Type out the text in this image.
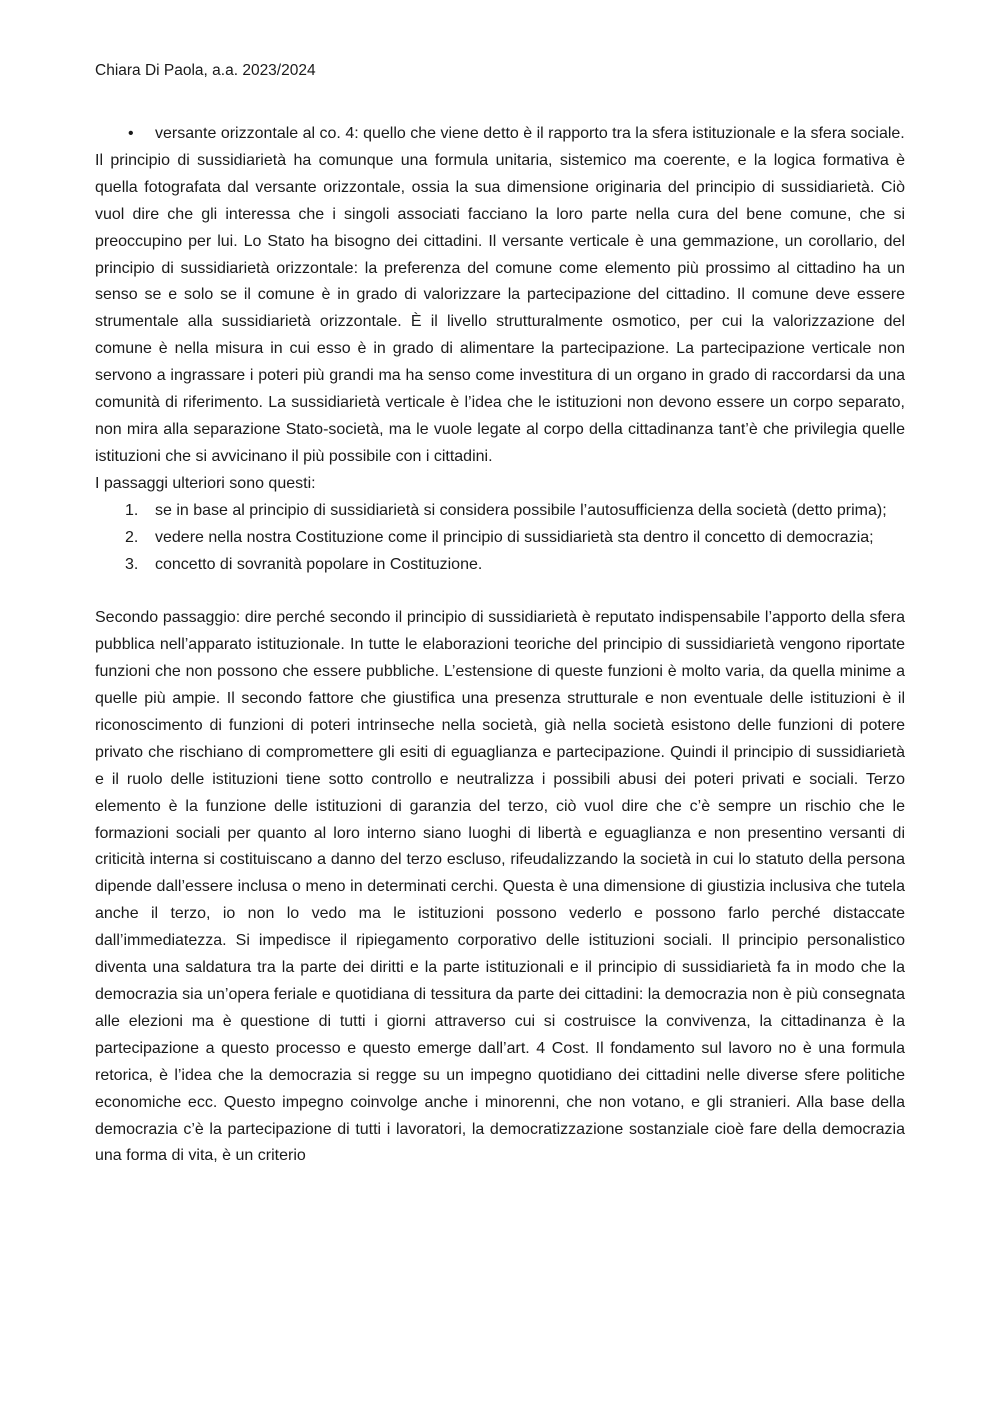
Chiara Di Paola, a.a. 2023/2024
• versante orizzontale al co. 4: quello che viene detto è il rapporto tra la sfera istituzionale e la sfera sociale.

Il principio di sussidiarietà ha comunque una formula unitaria, sistemico ma coerente, e la logica formativa è quella fotografata dal versante orizzontale, ossia la sua dimensione originaria del principio di sussidiarietà. Ciò vuol dire che gli interessa che i singoli associati facciano la loro parte nella cura del bene comune, che si preoccupino per lui. Lo Stato ha bisogno dei cittadini. Il versante verticale è una gemmazione, un corollario, del principio di sussidiarietà orizzontale: la preferenza del comune come elemento più prossimo al cittadino ha un senso se e solo se il comune è in grado di valorizzare la partecipazione del cittadino. Il comune deve essere strumentale alla sussidiarietà orizzontale. È il livello strutturalmente osmotico, per cui la valorizzazione del comune è nella misura in cui esso è in grado di alimentare la partecipazione. La partecipazione verticale non servono a ingrassare i poteri più grandi ma ha senso come investitura di un organo in grado di raccordarsi da una comunità di riferimento. La sussidiarietà verticale è l’idea che le istituzioni non devono essere un corpo separato, non mira alla separazione Stato-società, ma le vuole legate al corpo della cittadinanza tant’è che privilegia quelle istituzioni che si avvicinano il più possibile con i cittadini.

I passaggi ulteriori sono questi:

1. se in base al principio di sussidiarietà si considera possibile l’autosufficienza della società (detto prima);
2. vedere nella nostra Costituzione come il principio di sussidiarietà sta dentro il concetto di democrazia;
3. concetto di sovranità popolare in Costituzione.

Secondo passaggio: dire perché secondo il principio di sussidiarietà è reputato indispensabile l’apporto della sfera pubblica nell’apparato istituzionale. In tutte le elaborazioni teoriche del principio di sussidiarietà vengono riportate funzioni che non possono che essere pubbliche. L’estensione di queste funzioni è molto varia, da quella minime a quelle più ampie. Il secondo fattore che giustifica una presenza strutturale e non eventuale delle istituzioni è il riconoscimento di funzioni di poteri intrinseche nella società, già nella società esistono delle funzioni di potere privato che rischiano di compromettere gli esiti di eguaglianza e partecipazione. Quindi il principio di sussidiarietà e il ruolo delle istituzioni tiene sotto controllo e neutralizza i possibili abusi dei poteri privati e sociali. Terzo elemento è la funzione delle istituzioni di garanzia del terzo, ciò vuol dire che c’è sempre un rischio che le formazioni sociali per quanto al loro interno siano luoghi di libertà e eguaglianza e non presentino versanti di criticità interna si costituiscano a danno del terzo escluso, rifeudalizzando la società in cui lo statuto della persona dipende dall’essere inclusa o meno in determinati cerchi. Questa è una dimensione di giustizia inclusiva che tutela anche il terzo, io non lo vedo ma le istituzioni possono vederlo e possono farlo perché distaccate dall’immediatezza. Si impedisce il ripiegamento corporativo delle istituzioni sociali. Il principio personalistico diventa una saldatura tra la parte dei diritti e la parte istituzionali e il principio di sussidiarietà fa in modo che la democrazia sia un’opera feriale e quotidiana di tessitura da parte dei cittadini: la democrazia non è più consegnata alle elezioni ma è questione di tutti i giorni attraverso cui si costruisce la convivenza, la cittadinanza è la partecipazione a questo processo e questo emerge dall’art. 4 Cost. Il fondamento sul lavoro no è una formula retorica, è l’idea che la democrazia si regge su un impegno quotidiano dei cittadini nelle diverse sfere politiche economiche ecc. Questo impegno coinvolge anche i minorenni, che non votano, e gli stranieri. Alla base della democrazia c’è la partecipazione di tutti i lavoratori, la democratizzazione sostanziale cioè fare della democrazia una forma di vita, è un criterio
